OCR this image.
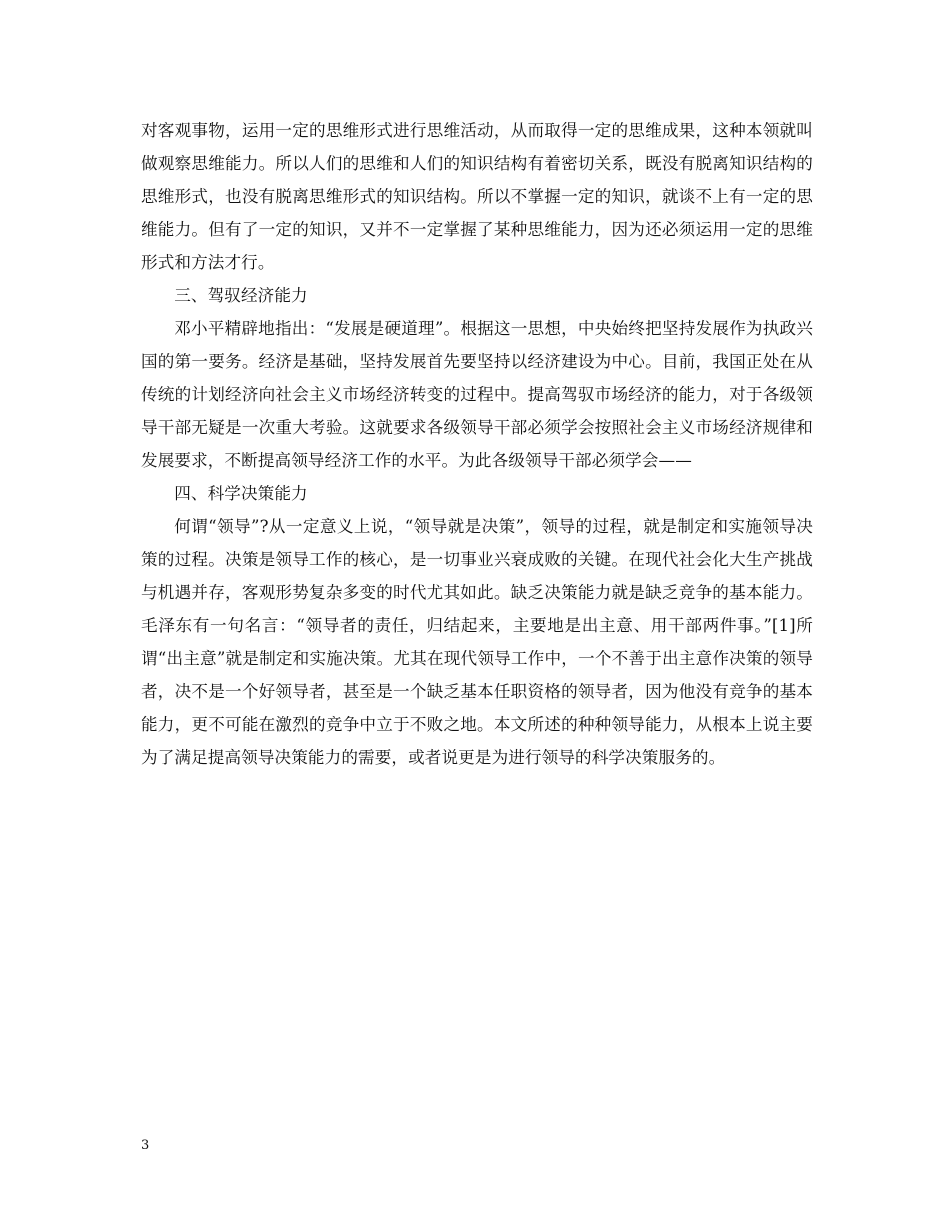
对客观事物，运用一定的思维形式进行思维活动，从而取得一定的思维成果，这种本领就叫做观察思维能力。所以人们的思维和人们的知识结构有着密切关系，既没有脱离知识结构的思维形式，也没有脱离思维形式的知识结构。所以不掌握一定的知识，就谈不上有一定的思维能力。但有了一定的知识，又并不一定掌握了某种思维能力，因为还必须运用一定的思维形式和方法才行。

三、驾驭经济能力

邓小平精辟地指出：“发展是硬道理”。根据这一思想，中央始终把坚持发展作为执政兴国的第一要务。经济是基础，坚持发展首先要坚持以经济建设为中心。目前，我国正处在从传统的计划经济向社会主义市场经济转变的过程中。提高驾驭市场经济的能力，对于各级领导干部无疑是一次重大考验。这就要求各级领导干部必须学会按照社会主义市场经济规律和发展要求，不断提高领导经济工作的水平。为此各级领导干部必须学会——

四、科学决策能力

何谓“领导”?从一定意义上说，“领导就是决策”，领导的过程，就是制定和实施领导决策的过程。决策是领导工作的核心，是一切事业兴衰成败的关键。在现代社会化大生产挑战与机遇并存，客观形势复杂多变的时代尤其如此。缺乏决策能力就是缺乏竞争的基本能力。毛泽东有一句名言：“领导者的责任，归结起来，主要地是出主意、用干部两件事。”[1]所谓“出主意”就是制定和实施决策。尤其在现代领导工作中，一个不善于出主意作决策的领导者，决不是一个好领导者，甚至是一个缺乏基本任职资格的领导者，因为他没有竞争的基本能力，更不可能在激烈的竞争中立于不败之地。本文所述的种种领导能力，从根本上说主要为了满足提高领导决策能力的需要，或者说更是为进行领导的科学决策服务的。

3
